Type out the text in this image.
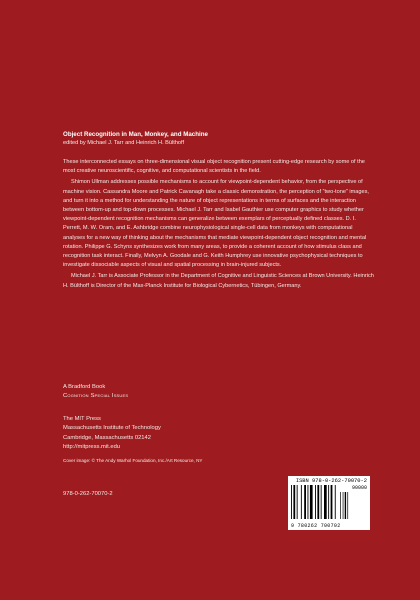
Object Recognition in Man, Monkey, and Machine
edited by Michael J. Tarr and Heinrich H. Bülthoff

These interconnected essays on three-dimensional visual object recognition present cutting-edge research by some of the most creative neuroscientific, cognitive, and computational scientists in the field.

Shimon Ullman addresses possible mechanisms to account for viewpoint-dependent behavior, from the perspective of machine vision. Cassandra Moore and Patrick Cavanagh take a classic demonstration, the perception of “two-tone” images, and turn it into a method for understanding the nature of object representations in terms of surfaces and the interaction between bottom-up and top-down processes. Michael J. Tarr and Isabel Gauthier use computer graphics to study whether viewpoint-dependent recognition mechanisms can generalize between exemplars of perceptually defined classes. D. I. Perrett, M. W. Oram, and E. Ashbridge combine neurophysiological single-cell data from monkeys with computational analyses for a new way of thinking about the mechanisms that mediate viewpoint-dependent object recognition and mental rotation. Philippe G. Schyns synthesizes work from many areas, to provide a coherent account of how stimulus class and recognition task interact. Finally, Melvyn A. Goodale and G. Keith Humphrey use innovative psychophysical techniques to investigate dissociable aspects of visual and spatial processing in brain-injured subjects.

Michael J. Tarr is Associate Professor in the Department of Cognitive and Linguistic Sciences at Brown University. Heinrich H. Bülthoff is Director of the Max-Planck Institute for Biological Cybernetics, Tübingen, Germany.

A Bradford Book
Cognition Special Issues
The MIT Press
Massachusetts Institute of Technology
Cambridge, Massachusetts 02142
http://mitpress.mit.edu
Cover image: © The Andy Warhol Foundation, Inc./Art Resource, NY
978-0-262-70070-2
ISBN 978-0-262-70070-2
90000
9 780262 700702
